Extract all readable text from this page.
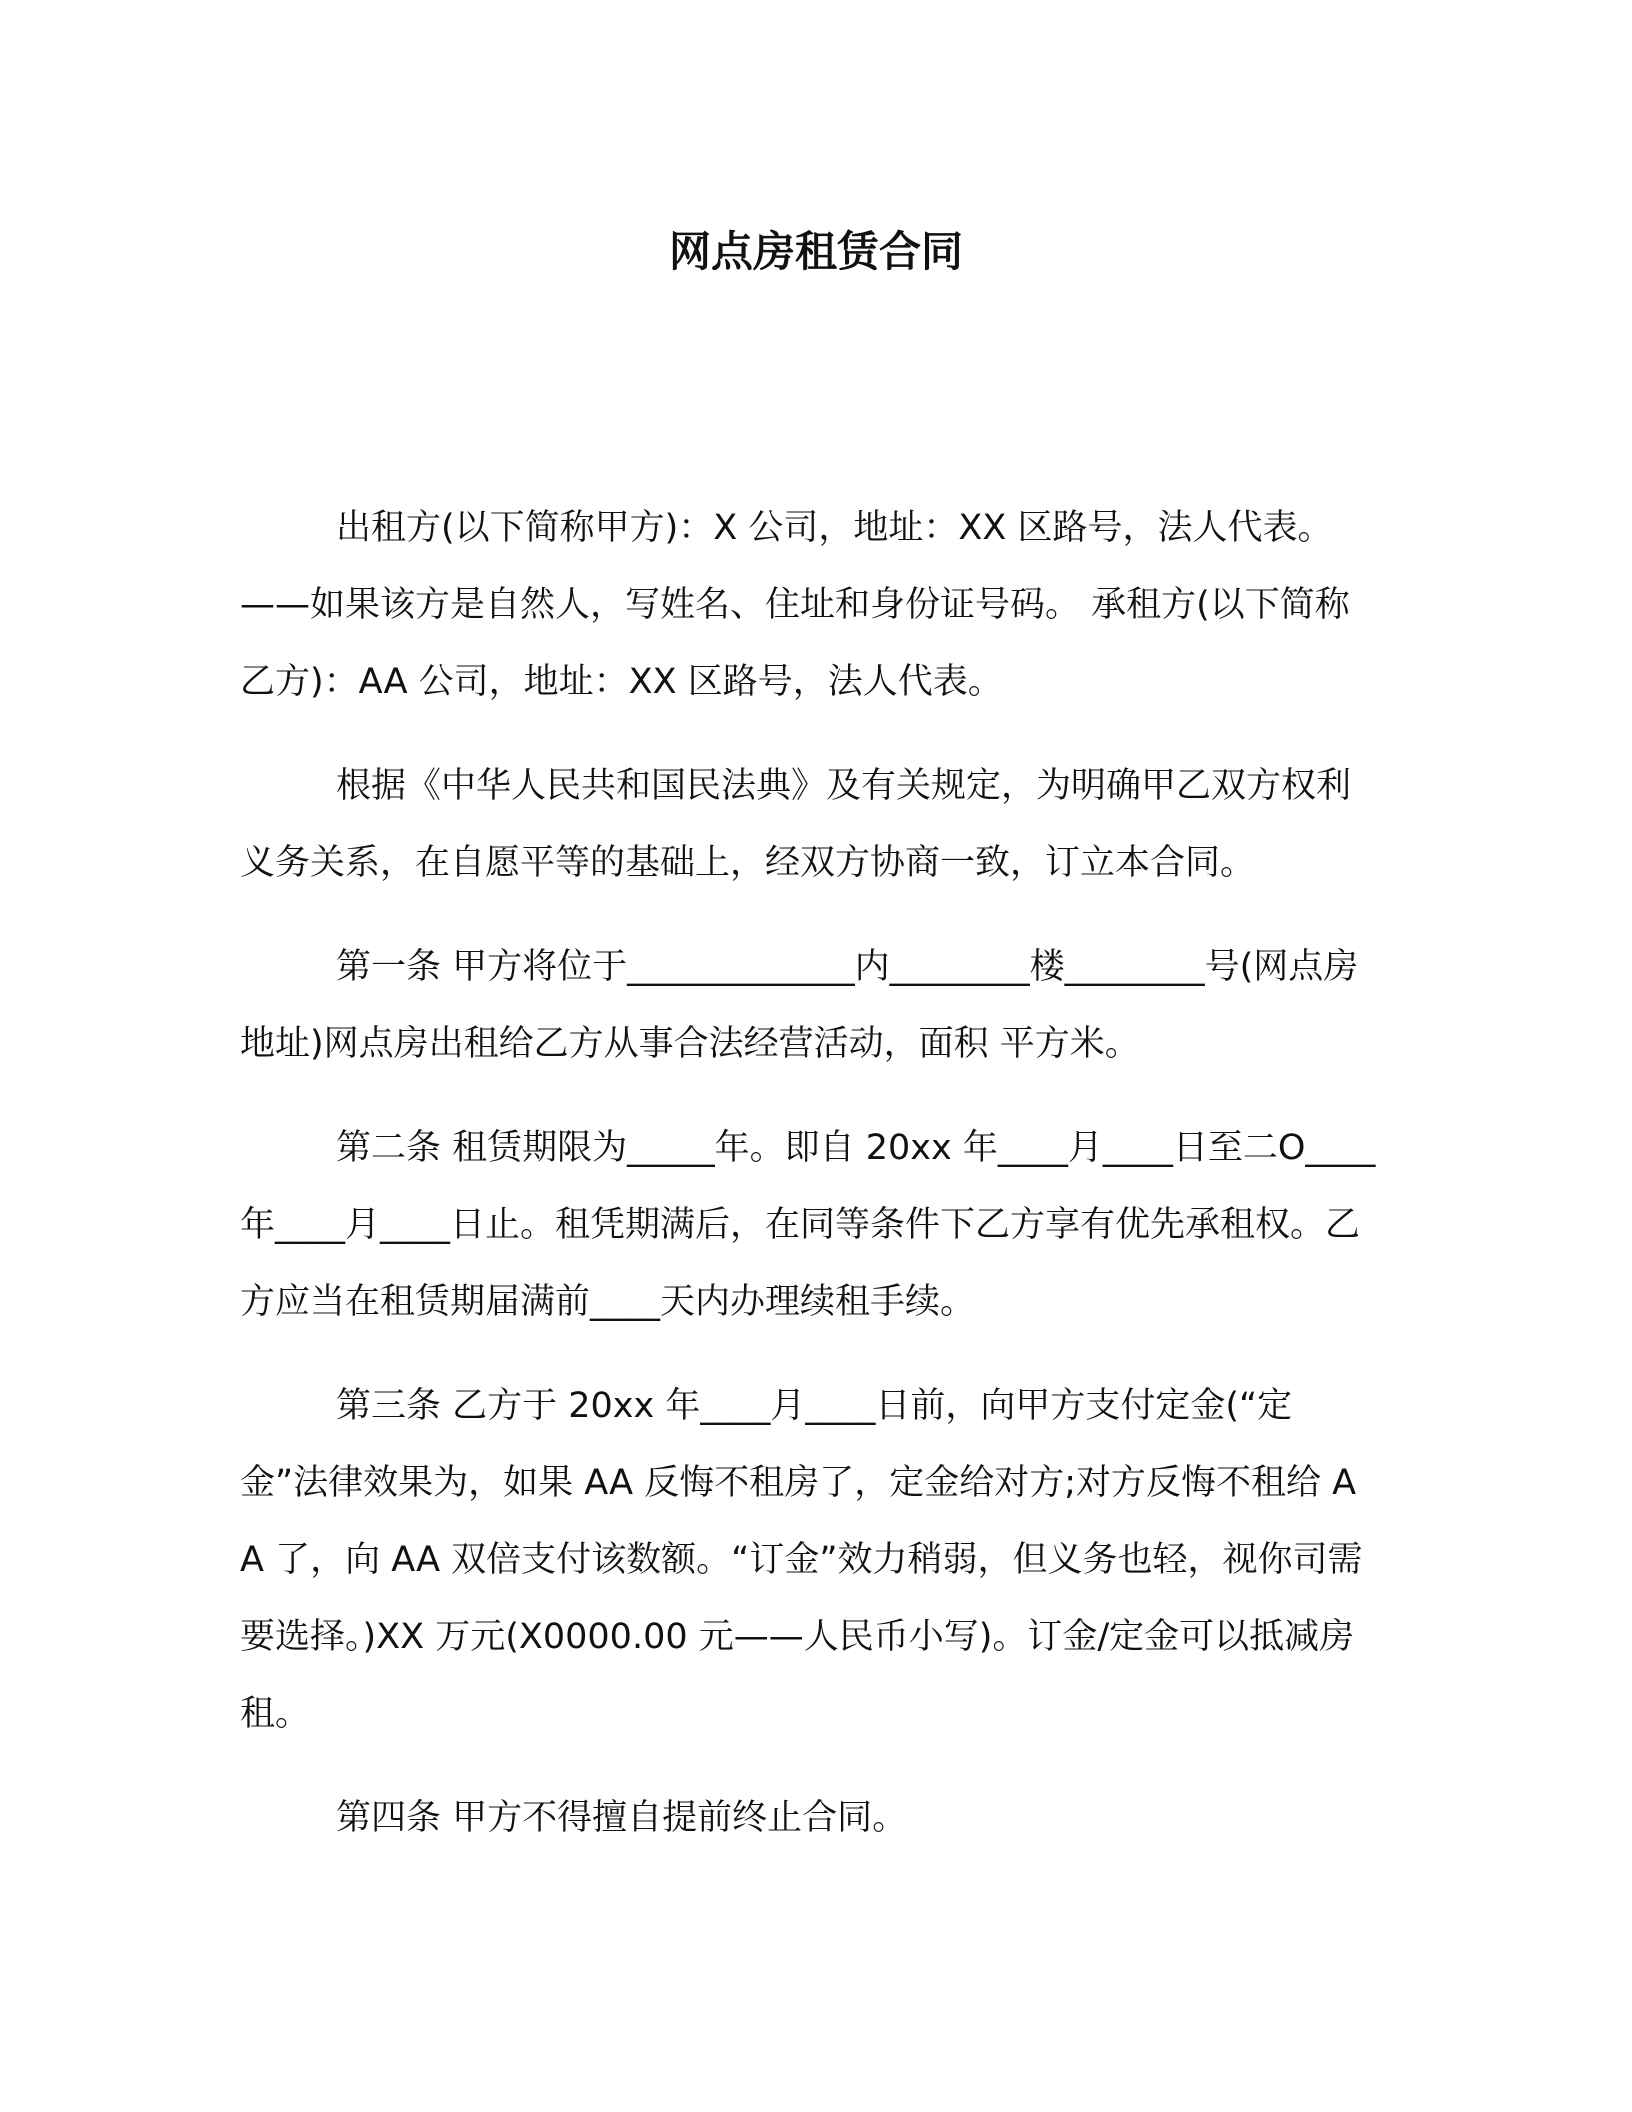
网点房租赁合同

出租方(以下简称甲方)：X 公司，地址：XX 区路号，法人代表。——如果该方是自然人，写姓名、住址和身份证号码。 承租方(以下简称乙方)：AA 公司，地址：XX 区路号，法人代表。

根据《中华人民共和国民法典》及有关规定，为明确甲乙双方权利义务关系，在自愿平等的基础上，经双方协商一致，订立本合同。

第一条 甲方将位于_____________内________楼________号(网点房地址)网点房出租给乙方从事合法经营活动，面积 平方米。

第二条 租赁期限为_____年。即自 20xx 年____月____日至二O____年____月____日止。租凭期满后，在同等条件下乙方享有优先承租权。乙方应当在租赁期届满前____天内办理续租手续。

第三条 乙方于 20xx 年____月____日前，向甲方支付定金(“定金”法律效果为，如果 AA 反悔不租房了，定金给对方;对方反悔不租给 AA 了，向 AA 双倍支付该数额。“订金”效力稍弱，但义务也轻，视你司需要选择。)XX 万元(X0000.00 元——人民币小写)。订金/定金可以抵减房租。

第四条 甲方不得擅自提前终止合同。
